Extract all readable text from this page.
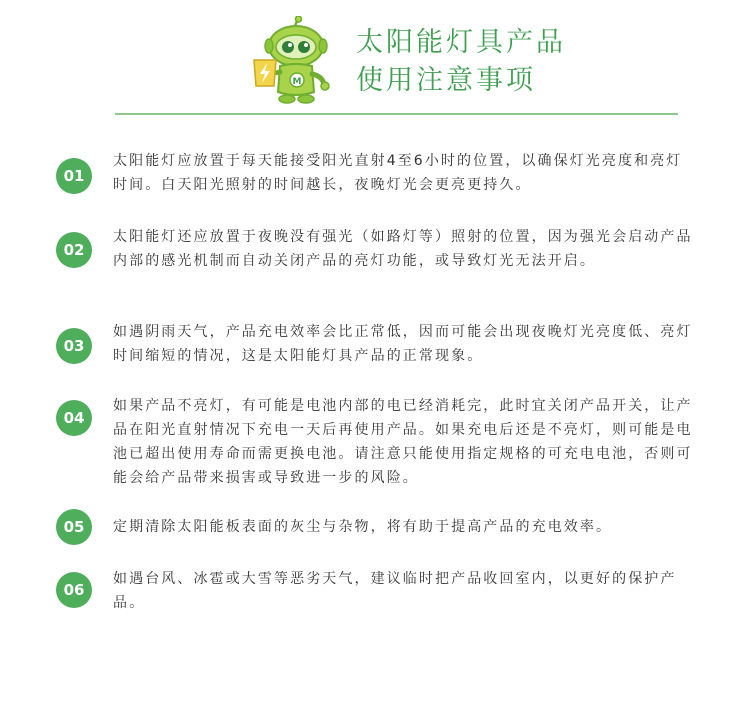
M
太阳能灯具产品
使用注意事项
01

太阳能灯应放置于每天能接受阳光直射4至6小时的位置，以确保灯光亮度和亮灯时间。白天阳光照射的时间越长，夜晚灯光会更亮更持久。

02

太阳能灯还应放置于夜晚没有强光（如路灯等）照射的位置，因为强光会启动产品内部的感光机制而自动关闭产品的亮灯功能，或导致灯光无法开启。

03

如遇阴雨天气，产品充电效率会比正常低，因而可能会出现夜晚灯光亮度低、亮灯时间缩短的情况，这是太阳能灯具产品的正常现象。

04

如果产品不亮灯，有可能是电池内部的电已经消耗完，此时宜关闭产品开关，让产品在阳光直射情况下充电一天后再使用产品。如果充电后还是不亮灯，则可能是电池已超出使用寿命而需更换电池。请注意只能使用指定规格的可充电电池，否则可能会给产品带来损害或导致进一步的风险。

05	定期清除太阳能板表面的灰尘与杂物，将有助于提高产品的充电效率。

06

如遇台风、冰雹或大雪等恶劣天气，建议临时把产品收回室内，以更好的保护产品。
